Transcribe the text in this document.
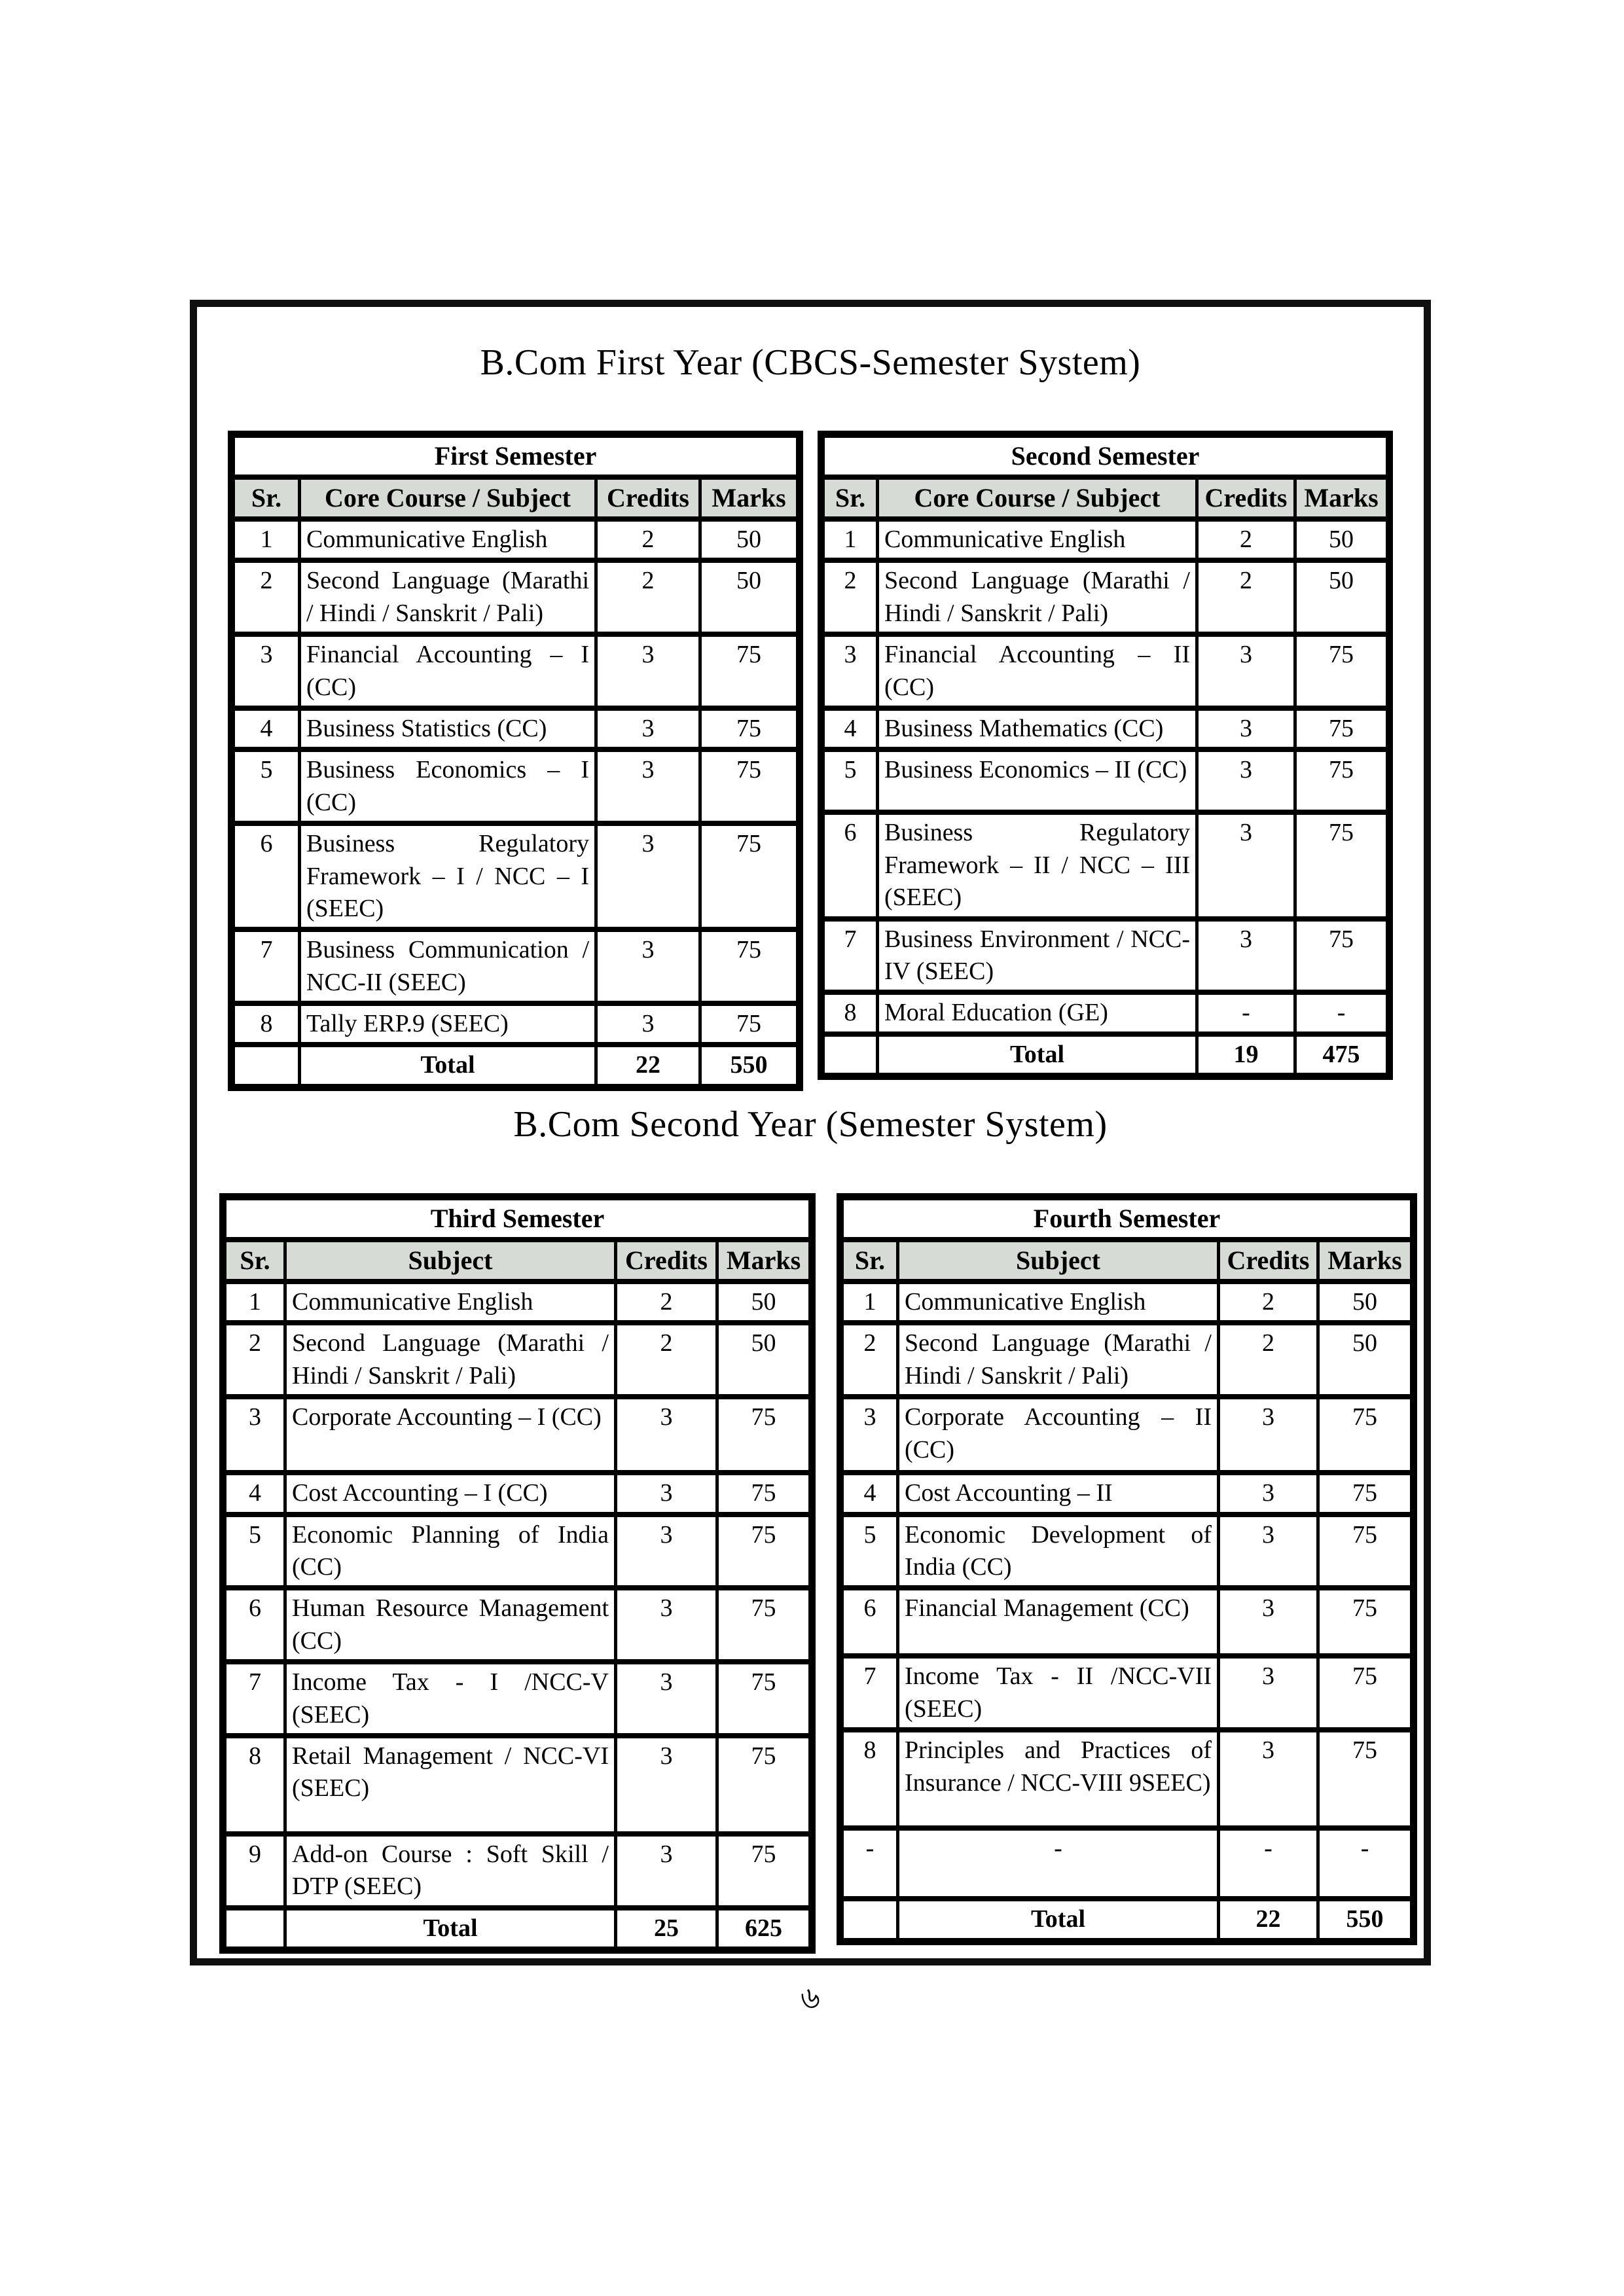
B.Com First Year (CBCS-Semester System)
First Semester			
Sr.	Core Course / Subject	Credits	Marks
1	Communicative English	2	50
2	Second Language (Marathi / Hindi / Sanskrit / Pali)	2	50
3	Financial Accounting – I (CC)	3	75
4	Business Statistics (CC)	3	75
5	Business Economics – I (CC)	3	75
6	Business Regulatory Framework – I / NCC – I (SEEC)	3	75
7	Business Communication / NCC-II (SEEC)	3	75
8	Tally ERP.9 (SEEC)	3	75
	Total	22	550
Second Semester			
Sr.	Core Course / Subject	Credits	Marks
1	Communicative English	2	50
2	Second Language (Marathi / Hindi / Sanskrit / Pali)	2	50
3	Financial Accounting – II (CC)	3	75
4	Business Mathematics (CC)	3	75
5	Business Economics – II (CC)	3	75
6	Business Regulatory Framework – II / NCC – III (SEEC)	3	75
7	Business Environment / NCC-IV (SEEC)	3	75
8	Moral Education (GE)	-	-
	Total	19	475
B.Com Second Year (Semester System)
Third Semester			
Sr.	Subject	Credits	Marks
1	Communicative English	2	50
2	Second Language (Marathi / Hindi / Sanskrit / Pali)	2	50
3	Corporate Accounting – I (CC)	3	75
4	Cost Accounting – I (CC)	3	75
5	Economic Planning of India (CC)	3	75
6	Human Resource Management (CC)	3	75
7	Income Tax - I /NCC-V (SEEC)	3	75
8	Retail Management / NCC-VI (SEEC)	3	75
9	Add-on Course : Soft Skill / DTP (SEEC)	3	75
	Total	25	625
Fourth Semester			
Sr.	Subject	Credits	Marks
1	Communicative English	2	50
2	Second Language (Marathi / Hindi / Sanskrit / Pali)	2	50
3	Corporate Accounting – II (CC)	3	75
4	Cost Accounting – II	3	75
5	Economic Development of India (CC)	3	75
6	Financial Management (CC)	3	75
7	Income Tax - II /NCC-VII (SEEC)	3	75
8	Principles and Practices of Insurance / NCC-VIII 9SEEC)	3	75
-	-	-	-
	Total	22	550
৬
